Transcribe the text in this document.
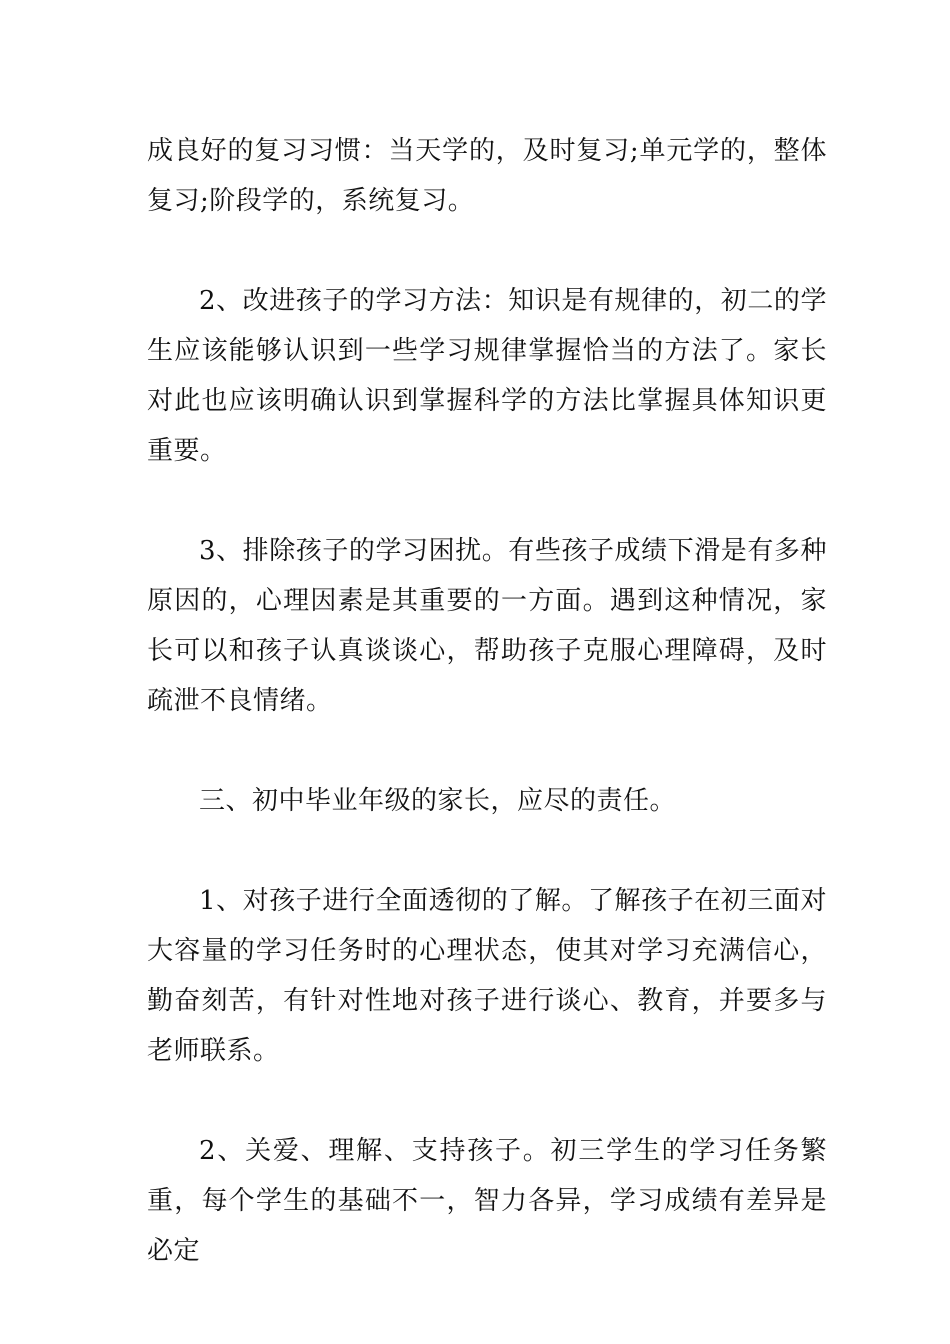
成良好的复习习惯：当天学的，及时复习;单元学的，整体复习;阶段学的，系统复习。

2、改进孩子的学习方法：知识是有规律的，初二的学生应该能够认识到一些学习规律掌握恰当的方法了。家长对此也应该明确认识到掌握科学的方法比掌握具体知识更重要。

3、排除孩子的学习困扰。有些孩子成绩下滑是有多种原因的，心理因素是其重要的一方面。遇到这种情况，家长可以和孩子认真谈谈心，帮助孩子克服心理障碍，及时疏泄不良情绪。

三、初中毕业年级的家长，应尽的责任。

1、对孩子进行全面透彻的了解。了解孩子在初三面对大容量的学习任务时的心理状态，使其对学习充满信心，勤奋刻苦，有针对性地对孩子进行谈心、教育，并要多与老师联系。

2、关爱、理解、支持孩子。初三学生的学习任务繁重，每个学生的基础不一，智力各异，学习成绩有差异是必定
